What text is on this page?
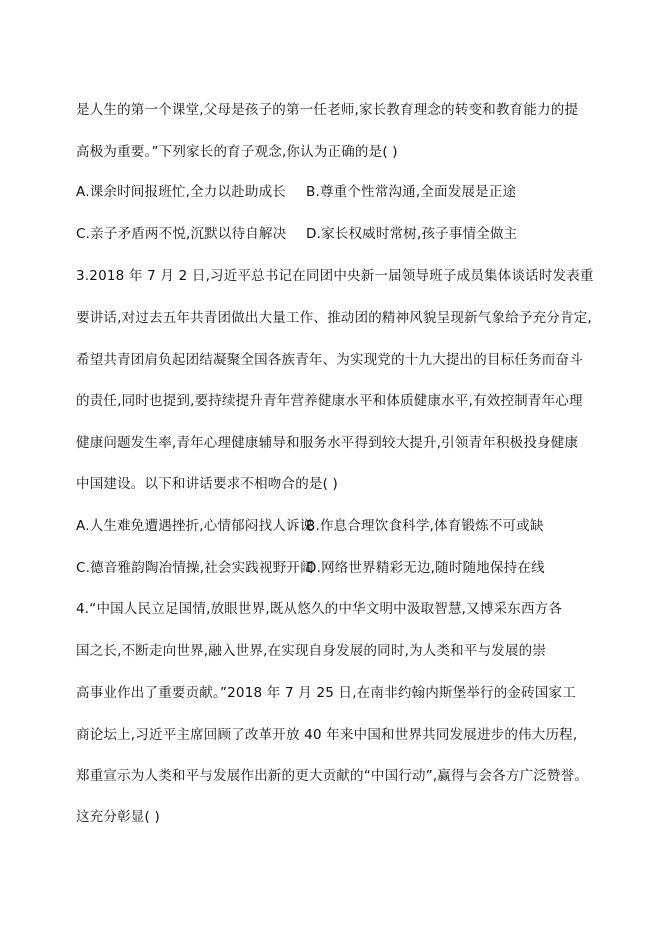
是人生的第一个课堂,父母是孩子的第一任老师,家长教育理念的转变和教育能力的提
高极为重要。”下列家长的育子观念,你认为正确的是( )
A.课余时间报班忙,全力以赴助成长 B.尊重个性常沟通,全面发展是正途
C.亲子矛盾两不悦,沉默以待自解决 D.家长权威时常树,孩子事情全做主
3.2018 年 7 月 2 日,习近平总书记在同团中央新一届领导班子成员集体谈话时发表重
要讲话,对过去五年共青团做出大量工作、推动团的精神风貌呈现新气象给予充分肯定,
希望共青团肩负起团结凝聚全国各族青年、为实现党的十九大提出的目标任务而奋斗
的责任,同时也提到,要持续提升青年营养健康水平和体质健康水平,有效控制青年心理
健康问题发生率,青年心理健康辅导和服务水平得到较大提升,引领青年积极投身健康
中国建设。以下和讲话要求不相吻合的是( )
A.人生难免遭遇挫折,心情郁闷找人诉说B.作息合理饮食科学,体育锻炼不可或缺
C.德音雅韵陶冶情操,社会实践视野开阔D.网络世界精彩无边,随时随地保持在线
4.“中国人民立足国情,放眼世界,既从悠久的中华文明中汲取智慧,又博采东西方各
国之长,不断走向世界,融入世界,在实现自身发展的同时,为人类和平与发展的崇
高事业作出了重要贡献。”2018 年 7 月 25 日,在南非约翰内斯堡举行的金砖国家工
商论坛上,习近平主席回顾了改革开放 40 年来中国和世界共同发展进步的伟大历程,
郑重宣示为人类和平与发展作出新的更大贡献的“中国行动”,赢得与会各方广泛赞誉。
这充分彰显( )
